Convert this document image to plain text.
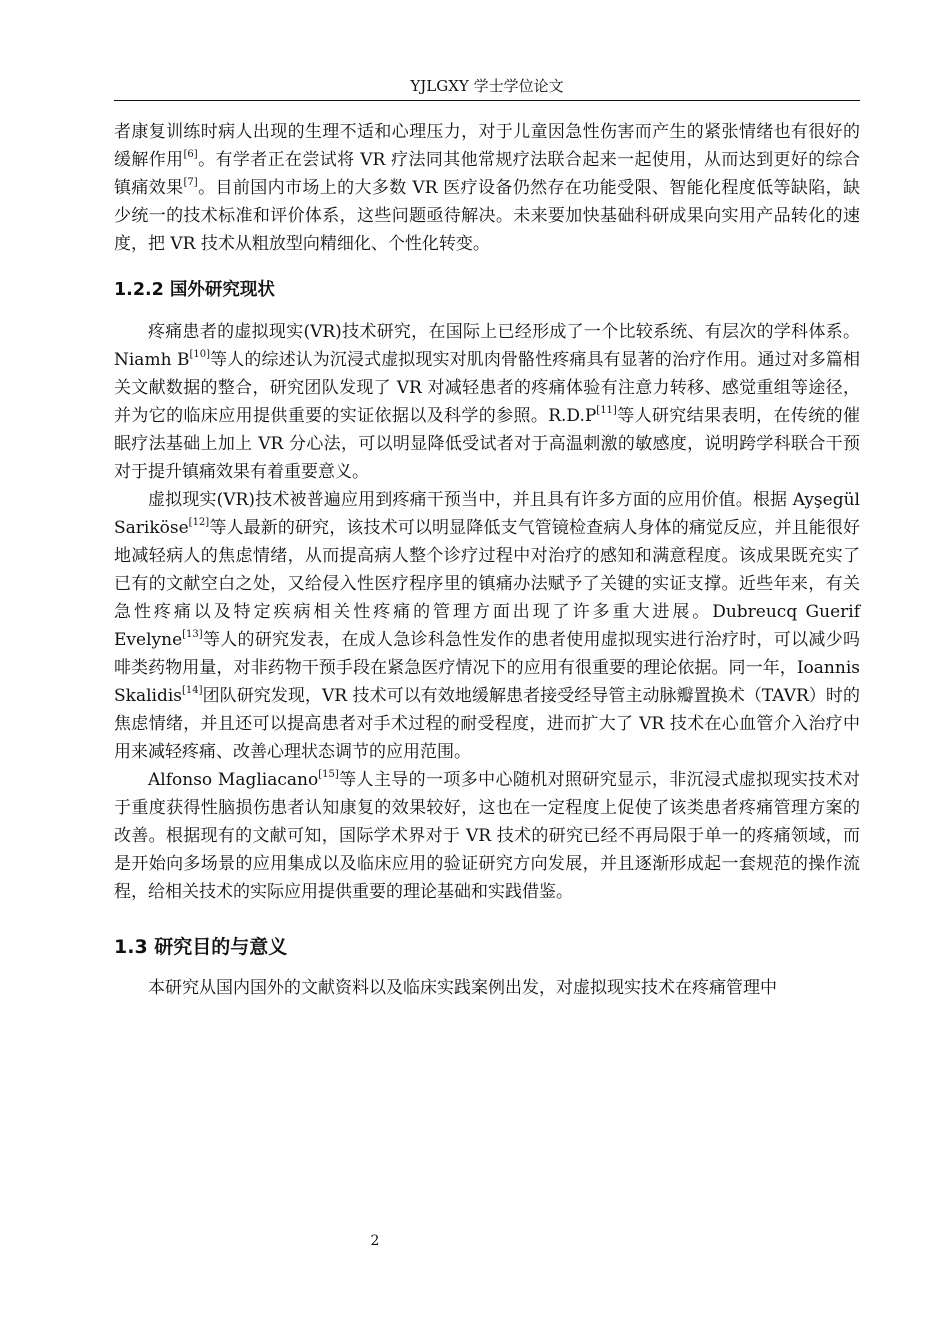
YJLGXY 学士学位论文

者康复训练时病人出现的生理不适和心理压力，对于儿童因急性伤害而产生的紧张情绪也有很好的缓解作用[6]。有学者正在尝试将 VR 疗法同其他常规疗法联合起来一起使用，从而达到更好的综合镇痛效果[7]。目前国内市场上的大多数 VR 医疗设备仍然存在功能受限、智能化程度低等缺陷，缺少统一的技术标准和评价体系，这些问题亟待解决。未来要加快基础科研成果向实用产品转化的速度，把 VR 技术从粗放型向精细化、个性化转变。

1.2.2 国外研究现状

疼痛患者的虚拟现实(VR)技术研究，在国际上已经形成了一个比较系统、有层次的学科体系。Niamh B[10]等人的综述认为沉浸式虚拟现实对肌肉骨骼性疼痛具有显著的治疗作用。通过对多篇相关文献数据的整合，研究团队发现了 VR 对减轻患者的疼痛体验有注意力转移、感觉重组等途径，并为它的临床应用提供重要的实证依据以及科学的参照。R.D.P[11]等人研究结果表明，在传统的催眠疗法基础上加上 VR 分心法，可以明显降低受试者对于高温刺激的敏感度，说明跨学科联合干预对于提升镇痛效果有着重要意义。

虚拟现实(VR)技术被普遍应用到疼痛干预当中，并且具有许多方面的应用价值。根据 Ayşegül Sariköse[12]等人最新的研究，该技术可以明显降低支气管镜检查病人身体的痛觉反应，并且能很好地减轻病人的焦虑情绪，从而提高病人整个诊疗过程中对治疗的感知和满意程度。该成果既充实了已有的文献空白之处，又给侵入性医疗程序里的镇痛办法赋予了关键的实证支撑。近些年来，有关急性疼痛以及特定疾病相关性疼痛的管理方面出现了许多重大进展。Dubreucq Guerif Evelyne[13]等人的研究发表，在成人急诊科急性发作的患者使用虚拟现实进行治疗时，可以减少吗啡类药物用量，对非药物干预手段在紧急医疗情况下的应用有很重要的理论依据。同一年，Ioannis Skalidis[14]团队研究发现，VR 技术可以有效地缓解患者接受经导管主动脉瓣置换术（TAVR）时的焦虑情绪，并且还可以提高患者对手术过程的耐受程度，进而扩大了 VR 技术在心血管介入治疗中用来减轻疼痛、改善心理状态调节的应用范围。

Alfonso Magliacano[15]等人主导的一项多中心随机对照研究显示，非沉浸式虚拟现实技术对于重度获得性脑损伤患者认知康复的效果较好，这也在一定程度上促使了该类患者疼痛管理方案的改善。根据现有的文献可知，国际学术界对于 VR 技术的研究已经不再局限于单一的疼痛领域，而是开始向多场景的应用集成以及临床应用的验证研究方向发展，并且逐渐形成起一套规范的操作流程，给相关技术的实际应用提供重要的理论基础和实践借鉴。

1.3 研究目的与意义

本研究从国内国外的文献资料以及临床实践案例出发，对虚拟现实技术在疼痛管理中

2
